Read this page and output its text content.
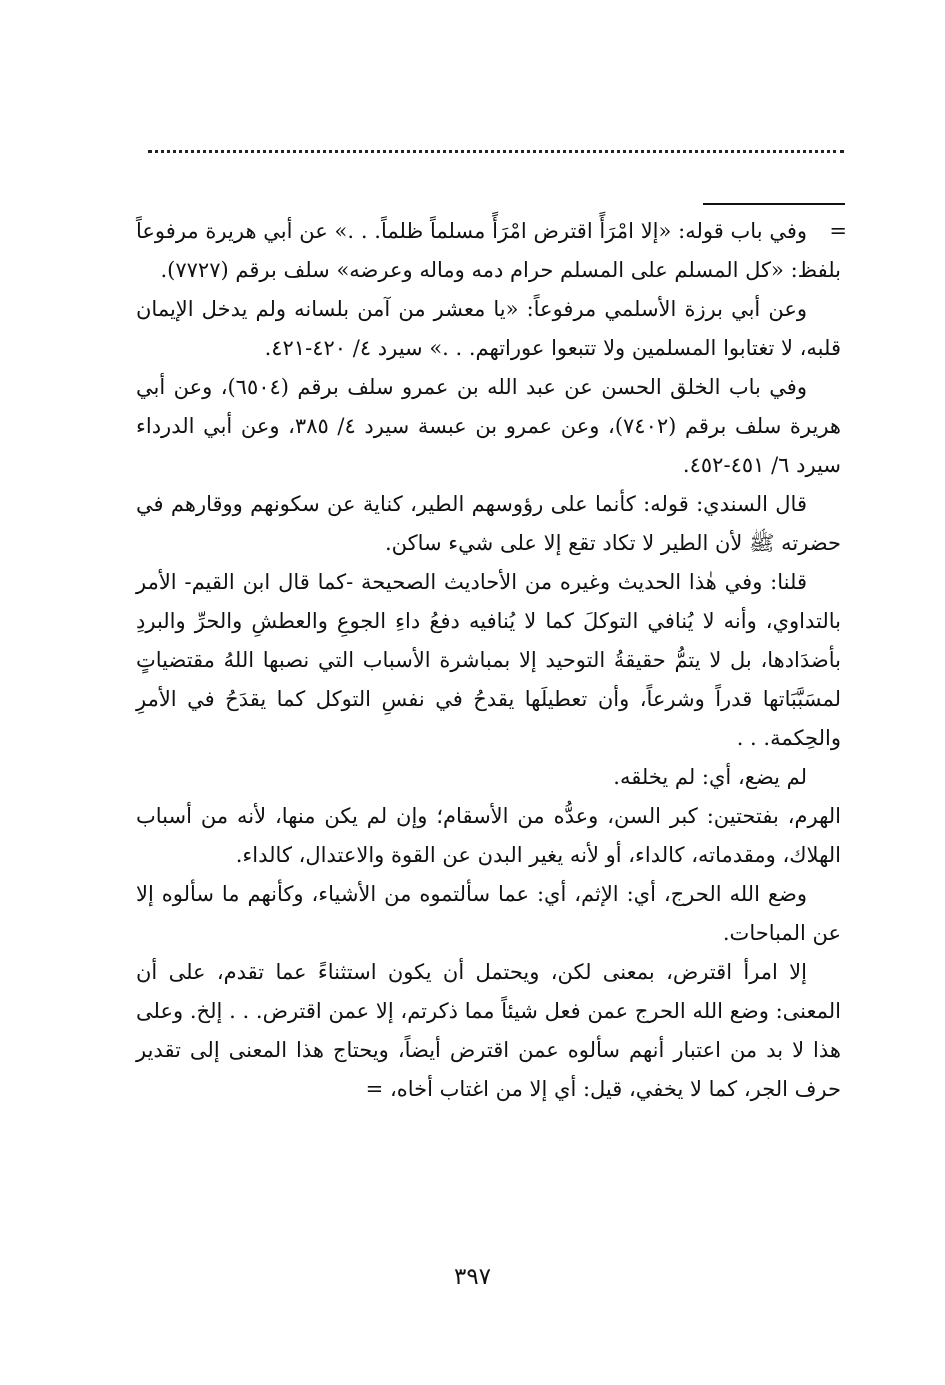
=
وفي باب قوله: «إلا امْرَأً اقترض امْرَأً مسلماً ظلماً. . .» عن أبي هريرة مرفوعاً بلفظ: «كل المسلم على المسلم حرام دمه وماله وعرضه» سلف برقم (٧٧٢٧).

وعن أبي برزة الأسلمي مرفوعاً: «يا معشر من آمن بلسانه ولم يدخل الإيمان قلبه، لا تغتابوا المسلمين ولا تتبعوا عوراتهم. . .» سيرد ٤/ ٤٢٠-٤٢١.

وفي باب الخلق الحسن عن عبد الله بن عمرو سلف برقم (٦٥٠٤)، وعن أبي هريرة سلف برقم (٧٤٠٢)، وعن عمرو بن عبسة سيرد ٤/ ٣٨٥، وعن أبي الدرداء سيرد ٦/ ٤٥١-٤٥٢.

قال السندي: قوله: كأنما على رؤوسهم الطير، كناية عن سكونهم ووقارهم في حضرته ﷺ لأن الطير لا تكاد تقع إلا على شيء ساكن.

قلنا: وفي هٰذا الحديث وغيره من الأحاديث الصحيحة -كما قال ابن القيم- الأمر بالتداوي، وأنه لا يُنافي التوكلَ كما لا يُنافيه دفعُ داءِ الجوعِ والعطشِ والحرِّ والبردِ بأضدَادها، بل لا يتمُّ حقيقةُ التوحيد إلا بمباشرة الأسباب التي نصبها اللهُ مقتضياتٍ لمسَبَّبَاتها قدراً وشرعاً، وأن تعطيلَها يقدحُ في نفسِ التوكل كما يقدَحُ في الأمرِ والحِكمة. . .

لم يضع، أي: لم يخلقه.

الهرم، بفتحتين: كبر السن، وعدُّه من الأسقام؛ وإن لم يكن منها، لأنه من أسباب الهلاك، ومقدماته، كالداء، أو لأنه يغير البدن عن القوة والاعتدال، كالداء.

وضع الله الحرج، أي: الإثم، أي: عما سألتموه من الأشياء، وكأنهم ما سألوه إلا عن المباحات.

إلا امرأ اقترض، بمعنى لكن، ويحتمل أن يكون استثناءً عما تقدم، على أن المعنى: وضع الله الحرج عمن فعل شيئاً مما ذكرتم، إلا عمن اقترض. . . إلخ. وعلى هذا لا بد من اعتبار أنهم سألوه عمن اقترض أيضاً، ويحتاج هذا المعنى إلى تقدير حرف الجر، كما لا يخفي، قيل: أي إلا من اغتاب أخاه، =

٣٩٧
